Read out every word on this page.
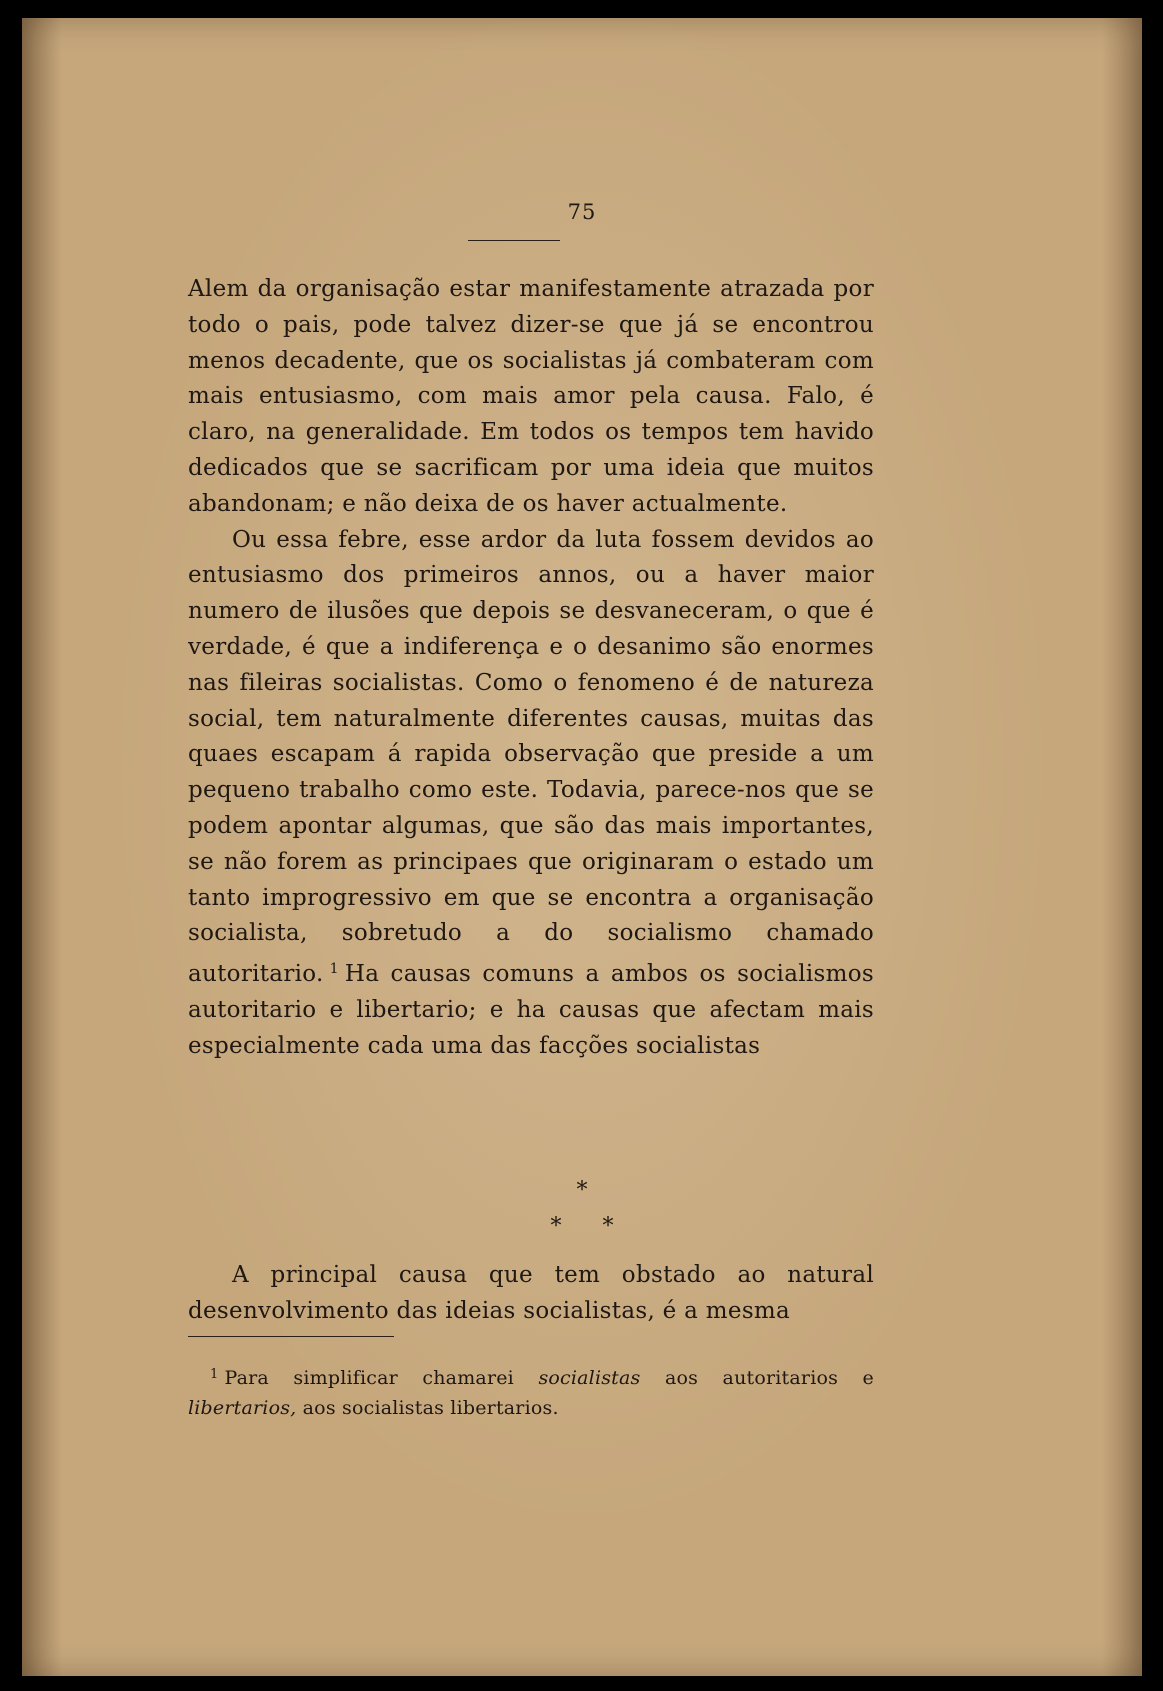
75

Alem da organisação estar manifestamente atrazada por todo o pais, pode talvez dizer-se que já se encontrou menos decadente, que os socialistas já combateram com mais entusiasmo, com mais amor pela causa. Falo, é claro, na generalidade. Em todos os tempos tem havido dedicados que se sacrificam por uma ideia que muitos abandonam; e não deixa de os haver actualmente.

Ou essa febre, esse ardor da luta fossem devidos ao entusiasmo dos primeiros annos, ou a haver maior numero de ilusões que depois se desvaneceram, o que é verdade, é que a indiferença e o desanimo são enormes nas fileiras socialistas. Como o fenomeno é de natureza social, tem naturalmente diferentes causas, muitas das quaes escapam á rapida observação que preside a um pequeno trabalho como este. Todavia, parece-nos que se podem apontar algumas, que são das mais importantes, se não forem as principaes que originaram o estado um tanto improgressivo em que se encontra a organisação socialista, sobretudo a do socialismo chamado autoritario. $^1$ Ha causas comuns a ambos os socialismos autoritario e libertario; e ha causas que afectam mais especialmente cada uma das facções socialistas

*
* *

A principal causa que tem obstado ao natural desenvolvimento das ideias socialistas, é a mesma

$^1$ Para simplificar chamarei socialistas aos autoritarios e libertarios, aos socialistas libertarios.
